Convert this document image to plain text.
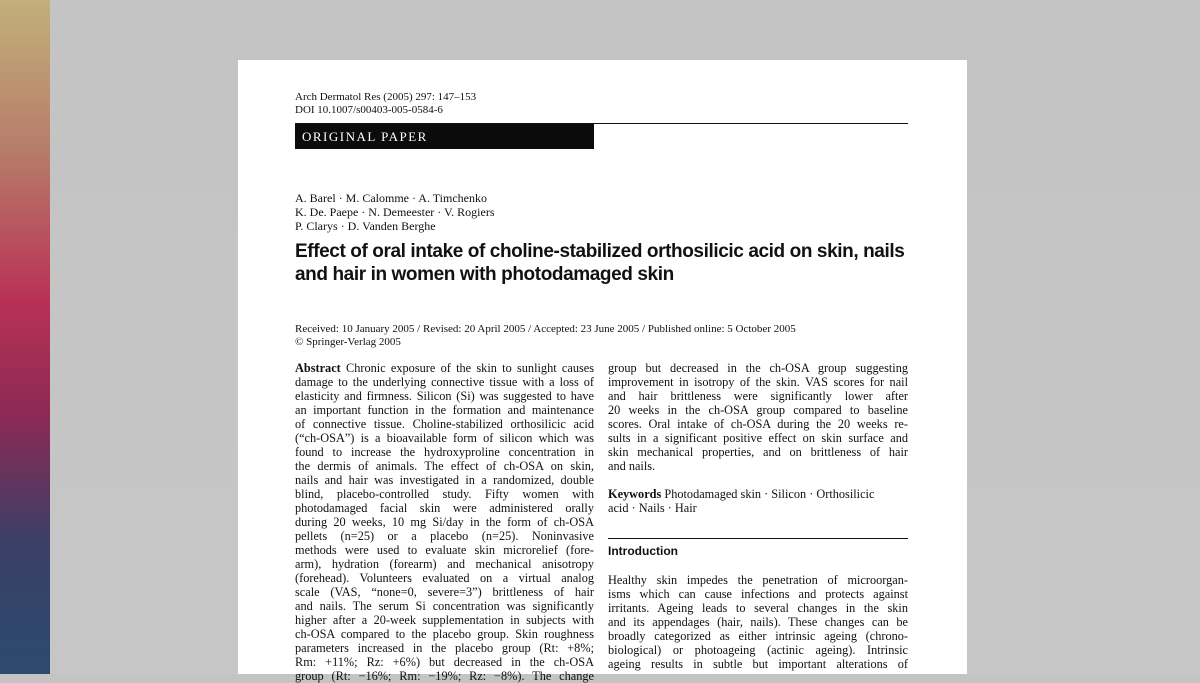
Arch Dermatol Res (2005) 297: 147–153
DOI 10.1007/s00403-005-0584-6
ORIGINAL PAPER
A. Barel · M. Calomme · A. Timchenko
K. De. Paepe · N. Demeester · V. Rogiers
P. Clarys · D. Vanden Berghe
Effect of oral intake of choline-stabilized orthosilicic acid on skin, nails
and hair in women with photodamaged skin
Received: 10 January 2005 / Revised: 20 April 2005 / Accepted: 23 June 2005 / Published online: 5 October 2005
© Springer-Verlag 2005
Abstract Chronic exposure of the skin to sunlight causes
damage to the underlying connective tissue with a loss of
elasticity and firmness. Silicon (Si) was suggested to have
an important function in the formation and maintenance
of connective tissue. Choline-stabilized orthosilicic acid
(“ch-OSA”) is a bioavailable form of silicon which was
found to increase the hydroxyproline concentration in
the dermis of animals. The effect of ch-OSA on skin,
nails and hair was investigated in a randomized, double
blind, placebo-controlled study. Fifty women with
photodamaged facial skin were administered orally
during 20 weeks, 10 mg Si/day in the form of ch-OSA
pellets (n=25) or a placebo (n=25). Noninvasive
methods were used to evaluate skin microrelief (fore-
arm), hydration (forearm) and mechanical anisotropy
(forehead). Volunteers evaluated on a virtual analog
scale (VAS, “none=0, severe=3”) brittleness of hair
and nails. The serum Si concentration was significantly
higher after a 20-week supplementation in subjects with
ch-OSA compared to the placebo group. Skin roughness
parameters increased in the placebo group (Rt: +8%;
Rm: +11%; Rz: +6%) but decreased in the ch-OSA
group (Rt: −16%; Rm: −19%; Rz: −8%). The change
group but decreased in the ch-OSA group suggesting
improvement in isotropy of the skin. VAS scores for nail
and hair brittleness were significantly lower after
20 weeks in the ch-OSA group compared to baseline
scores. Oral intake of ch-OSA during the 20 weeks re-
sults in a significant positive effect on skin surface and
skin mechanical properties, and on brittleness of hair
and nails.
Keywords Photodamaged skin · Silicon · Orthosilicic
acid · Nails · Hair
Introduction
Healthy skin impedes the penetration of microorgan-
isms which can cause infections and protects against
irritants. Ageing leads to several changes in the skin
and its appendages (hair, nails). These changes can be
broadly categorized as either intrinsic ageing (chrono-
biological) or photoageing (actinic ageing). Intrinsic
ageing results in subtle but important alterations of
